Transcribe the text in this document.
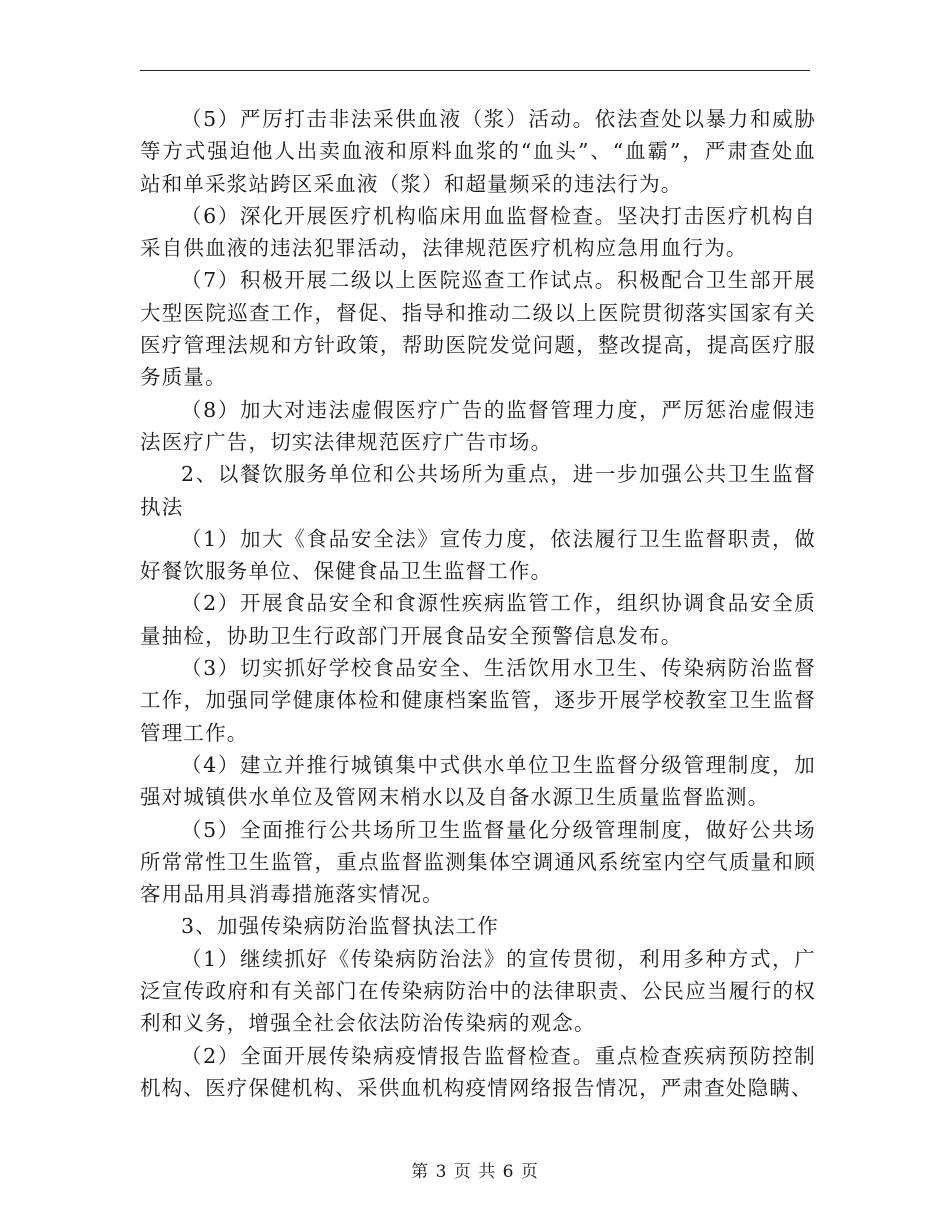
（5）严厉打击非法采供血液（浆）活动。依法查处以暴力和威胁等方式强迫他人出卖血液和原料血浆的“血头”、“血霸”，严肃查处血站和单采浆站跨区采血液（浆）和超量频采的违法行为。

（6）深化开展医疗机构临床用血监督检查。坚决打击医疗机构自采自供血液的违法犯罪活动，法律规范医疗机构应急用血行为。

（7）积极开展二级以上医院巡查工作试点。积极配合卫生部开展大型医院巡查工作，督促、指导和推动二级以上医院贯彻落实国家有关医疗管理法规和方针政策，帮助医院发觉问题，整改提高，提高医疗服务质量。

（8）加大对违法虚假医疗广告的监督管理力度，严厉惩治虚假违法医疗广告，切实法律规范医疗广告市场。

2、以餐饮服务单位和公共场所为重点，进一步加强公共卫生监督执法

（1）加大《食品安全法》宣传力度，依法履行卫生监督职责，做好餐饮服务单位、保健食品卫生监督工作。

（2）开展食品安全和食源性疾病监管工作，组织协调食品安全质量抽检，协助卫生行政部门开展食品安全预警信息发布。

（3）切实抓好学校食品安全、生活饮用水卫生、传染病防治监督工作，加强同学健康体检和健康档案监管，逐步开展学校教室卫生监督管理工作。

（4）建立并推行城镇集中式供水单位卫生监督分级管理制度，加强对城镇供水单位及管网末梢水以及自备水源卫生质量监督监测。

（5）全面推行公共场所卫生监督量化分级管理制度，做好公共场所常常性卫生监管，重点监督监测集体空调通风系统室内空气质量和顾客用品用具消毒措施落实情况。

3、加强传染病防治监督执法工作

（1）继续抓好《传染病防治法》的宣传贯彻，利用多种方式，广泛宣传政府和有关部门在传染病防治中的法律职责、公民应当履行的权利和义务，增强全社会依法防治传染病的观念。

（2）全面开展传染病疫情报告监督检查。重点检查疾病预防控制机构、医疗保健机构、采供血机构疫情网络报告情况，严肃查处隐瞒、

第 3 页 共 6 页
